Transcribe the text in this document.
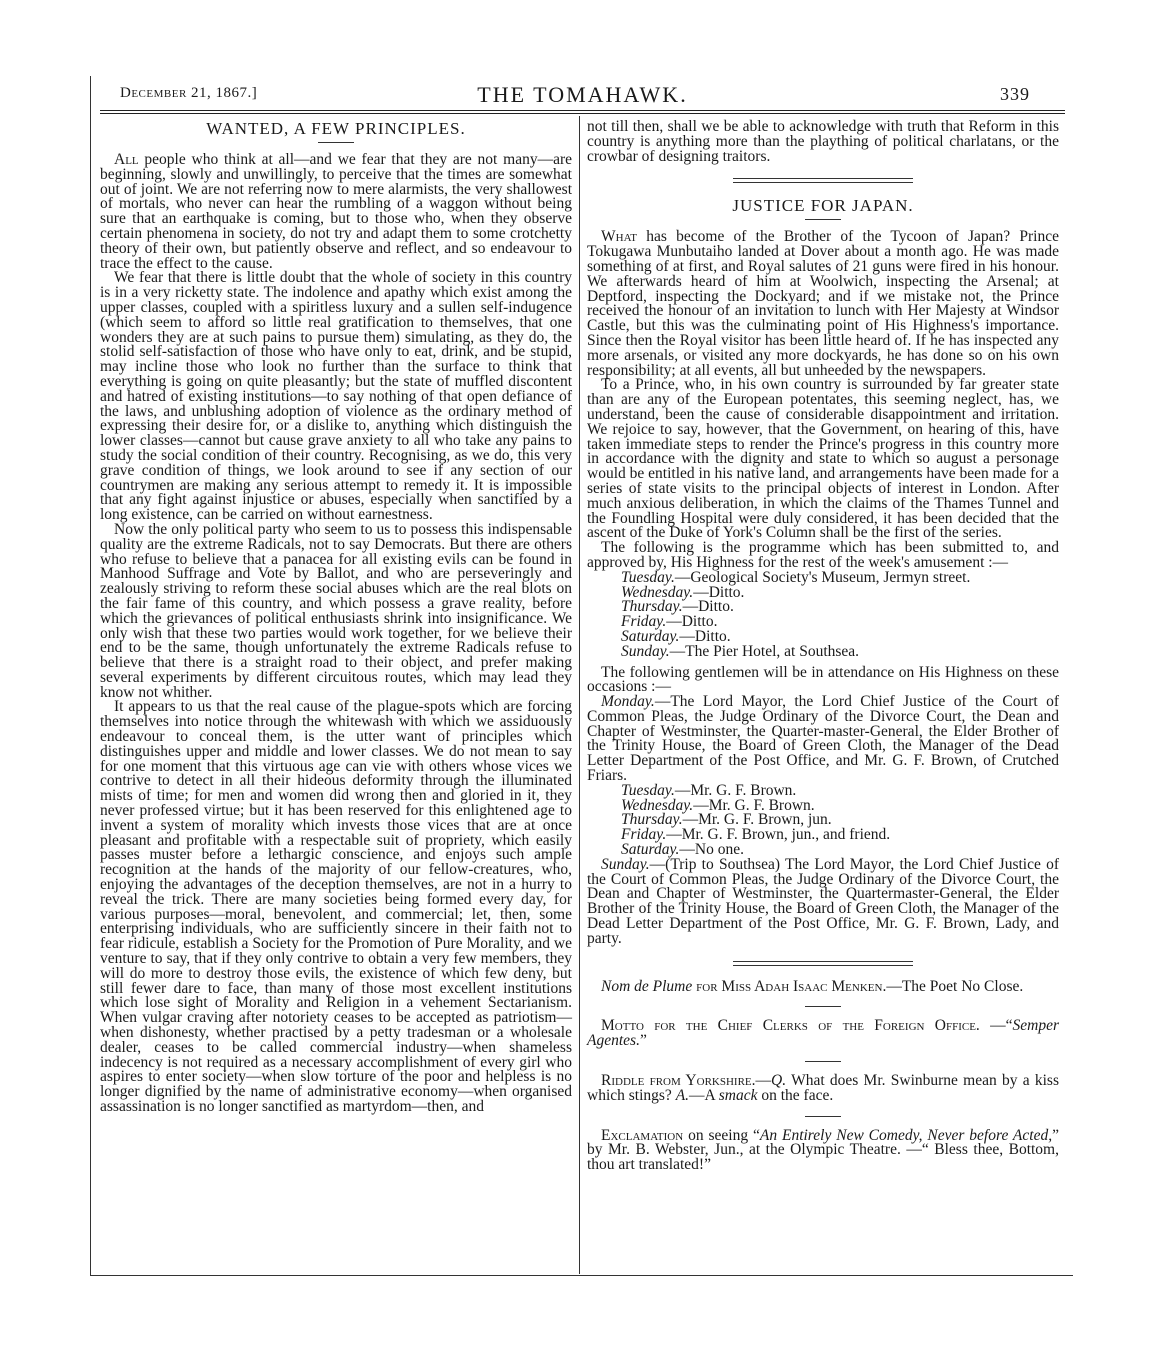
December 21, 1867.]	THE TOMAHAWK.	339
WANTED, A FEW PRINCIPLES.

All people who think at all—and we fear that they are not many—are beginning, slowly and unwillingly, to perceive that the times are somewhat out of joint. We are not referring now to mere alarmists, the very shallowest of mortals, who never can hear the rumbling of a waggon without being sure that an earthquake is coming, but to those who, when they observe certain phenomena in society, do not try and adapt them to some crotchetty theory of their own, but patiently observe and reflect, and so endeavour to trace the effect to the cause.

We fear that there is little doubt that the whole of society in this country is in a very ricketty state. The indolence and apathy which exist among the upper classes, coupled with a spiritless luxury and a sullen self-indugence (which seem to afford so little real gratification to themselves, that one wonders they are at such pains to pursue them) simulating, as they do, the stolid self-satisfaction of those who have only to eat, drink, and be stupid, may incline those who look no further than the surface to think that everything is going on quite pleasantly; but the state of muffled discontent and hatred of existing institutions—to say nothing of that open defiance of the laws, and unblushing adoption of violence as the ordinary method of expressing their desire for, or a dislike to, anything which distinguish the lower classes—cannot but cause grave anxiety to all who take any pains to study the social condition of their country. Recognising, as we do, this very grave condition of things, we look around to see if any section of our countrymen are making any serious attempt to remedy it. It is impossible that any fight against injustice or abuses, especially when sanctified by a long existence, can be carried on without earnestness.

Now the only political party who seem to us to possess this indispensable quality are the extreme Radicals, not to say Democrats. But there are others who refuse to believe that a panacea for all existing evils can be found in Manhood Suffrage and Vote by Ballot, and who are perseveringly and zealously striving to reform these social abuses which are the real blots on the fair fame of this country, and which possess a grave reality, before which the grievances of political enthusiasts shrink into insignificance. We only wish that these two parties would work together, for we believe their end to be the same, though unfortunately the extreme Radicals refuse to believe that there is a straight road to their object, and prefer making several experiments by different circuitous routes, which may lead they know not whither.

It appears to us that the real cause of the plague-spots which are forcing themselves into notice through the whitewash with which we assiduously endeavour to conceal them, is the utter want of principles which distinguishes upper and middle and lower classes. We do not mean to say for one moment that this virtuous age can vie with others whose vices we contrive to detect in all their hideous deformity through the illuminated mists of time; for men and women did wrong then and gloried in it, they never professed virtue; but it has been reserved for this enlightened age to invent a system of morality which invests those vices that are at once pleasant and profitable with a respectable suit of propriety, which easily passes muster before a lethargic conscience, and enjoys such ample recognition at the hands of the majority of our fellow-creatures, who, enjoying the advantages of the deception themselves, are not in a hurry to reveal the trick. There are many societies being formed every day, for various purposes—moral, benevolent, and commercial; let, then, some enterprising individuals, who are sufficiently sincere in their faith not to fear ridicule, establish a Society for the Promotion of Pure Morality, and we venture to say, that if they only contrive to obtain a very few members, they will do more to destroy those evils, the existence of which few deny, but still fewer dare to face, than many of those most excellent institutions which lose sight of Morality and Religion in a vehement Sectarianism. When vulgar craving after notoriety ceases to be accepted as patriotism—when dishonesty, whether practised by a petty tradesman or a wholesale dealer, ceases to be called commercial industry—when shameless indecency is not required as a necessary accomplishment of every girl who aspires to enter society—when slow torture of the poor and helpless is no longer dignified by the name of administrative economy—when organised assassination is no longer sanctified as martyrdom—then, and

not till then, shall we be able to acknowledge with truth that Reform in this country is anything more than the plaything of political charlatans, or the crowbar of designing traitors.

JUSTICE FOR JAPAN.

What has become of the Brother of the Tycoon of Japan? Prince Tokugawa Munbutaiho landed at Dover about a month ago. He was made something of at first, and Royal salutes of 21 guns were fired in his honour. We afterwards heard of him at Woolwich, inspecting the Arsenal; at Deptford, inspecting the Dockyard; and if we mistake not, the Prince received the honour of an invitation to lunch with Her Majesty at Windsor Castle, but this was the culminating point of His Highness's importance. Since then the Royal visitor has been little heard of. If he has inspected any more arsenals, or visited any more dockyards, he has done so on his own responsibility; at all events, all but unheeded by the newspapers.

To a Prince, who, in his own country is surrounded by far greater state than are any of the European potentates, this seeming neglect, has, we understand, been the cause of considerable disappointment and irritation. We rejoice to say, however, that the Government, on hearing of this, have taken immediate steps to render the Prince's progress in this country more in accordance with the dignity and state to which so august a personage would be entitled in his native land, and arrangements have been made for a series of state visits to the principal objects of interest in London. After much anxious deliberation, in which the claims of the Thames Tunnel and the Foundling Hospital were duly considered, it has been decided that the ascent of the Duke of York's Column shall be the first of the series.

The following is the programme which has been submitted to, and approved by, His Highness for the rest of the week's amusement :—

Tuesday.—Geological Society's Museum, Jermyn street.

Wednesday.—Ditto.

Thursday.—Ditto.

Friday.—Ditto.

Saturday.—Ditto.

Sunday.—The Pier Hotel, at Southsea.

The following gentlemen will be in attendance on His Highness on these occasions :—

Monday.—The Lord Mayor, the Lord Chief Justice of the Court of Common Pleas, the Judge Ordinary of the Divorce Court, the Dean and Chapter of Westminster, the Quarter-master-General, the Elder Brother of the Trinity House, the Board of Green Cloth, the Manager of the Dead Letter Department of the Post Office, and Mr. G. F. Brown, of Crutched Friars.

Tuesday.—Mr. G. F. Brown.

Wednesday.—Mr. G. F. Brown.

Thursday.—Mr. G. F. Brown, jun.

Friday.—Mr. G. F. Brown, jun., and friend.

Saturday.—No one.

Sunday.—(Trip to Southsea) The Lord Mayor, the Lord Chief Justice of the Court of Common Pleas, the Judge Ordinary of the Divorce Court, the Dean and Chapter of Westminster, the Quartermaster-General, the Elder Brother of the Trinity House, the Board of Green Cloth, the Manager of the Dead Letter Department of the Post Office, Mr. G. F. Brown, Lady, and party.

Nom de Plume for Miss Adah Isaac Menken.—The Poet No Close.

Motto for the Chief Clerks of the Foreign Office. —“Semper Agentes.”

Riddle from Yorkshire.—Q. What does Mr. Swinburne mean by a kiss which stings? A.—A smack on the face.

Exclamation on seeing “An Entirely New Comedy, Never before Acted,” by Mr. B. Webster, Jun., at the Olympic Theatre. —“ Bless thee, Bottom, thou art translated!”
